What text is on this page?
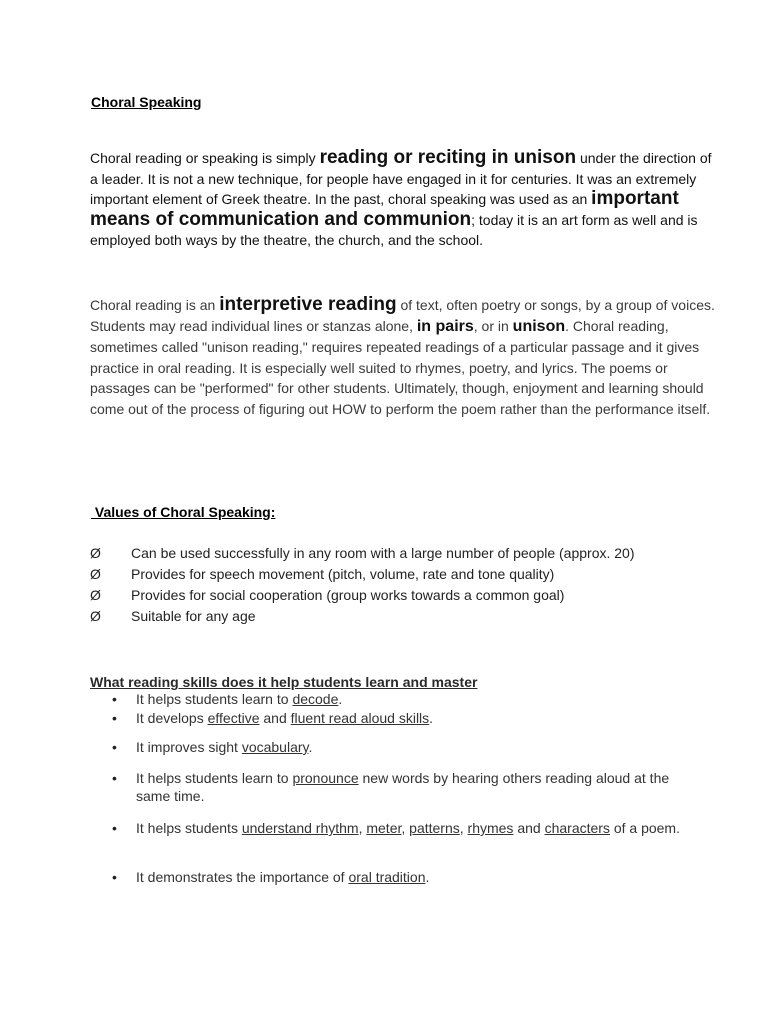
Choral Speaking
Choral reading or speaking is simply reading or reciting in unison under the direction of a leader. It is not a new technique, for people have engaged in it for centuries. It was an extremely important element of Greek theatre. In the past, choral speaking was used as an important means of communication and communion; today it is an art form as well and is employed both ways by the theatre, the church, and the school.
Choral reading is an interpretive reading of text, often poetry or songs, by a group of voices. Students may read individual lines or stanzas alone, in pairs, or in unison. Choral reading, sometimes called "unison reading," requires repeated readings of a particular passage and it gives practice in oral reading. It is especially well suited to rhymes, poetry, and lyrics. The poems or passages can be "performed" for other students. Ultimately, though, enjoyment and learning should come out of the process of figuring out HOW to perform the poem rather than the performance itself.
Values of Choral Speaking:
Ø	Can be used successfully in any room with a large number of people (approx. 20)
Ø	Provides for speech movement (pitch, volume, rate and tone quality)
Ø	Provides for social cooperation (group works towards a common goal)
Ø	Suitable for any age
What reading skills does it help students learn and master
•	It helps students learn to decode.
•	It develops effective and fluent read aloud skills.
•	It improves sight vocabulary.
•	It helps students learn to pronounce new words by hearing others reading aloud at the same time.
•	It helps students understand rhythm, meter, patterns, rhymes and characters of a poem.
•	It demonstrates the importance of oral tradition.
